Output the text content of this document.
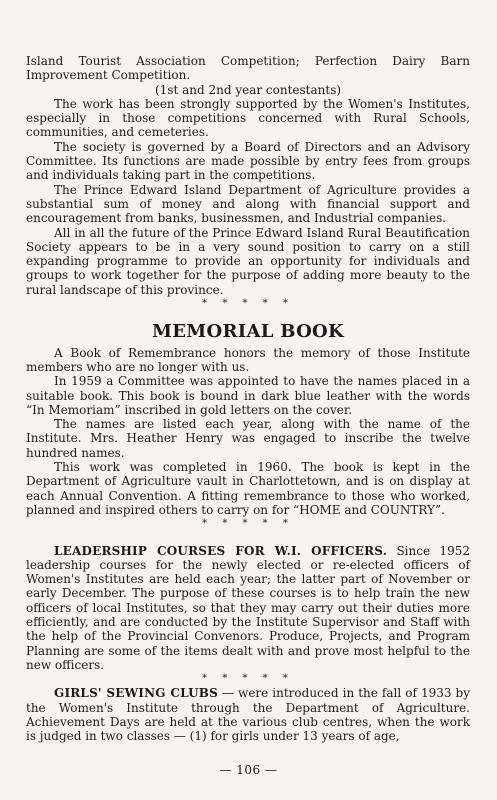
Island Tourist Association Competition; Perfection Dairy Barn Improvement Competition.

(1st and 2nd year contestants)

The work has been strongly supported by the Women's Institutes, especially in those competitions concerned with Rural Schools, communities, and cemeteries.

The society is governed by a Board of Directors and an Advisory Committee. Its functions are made possible by entry fees from groups and individuals taking part in the competitions.

The Prince Edward Island Department of Agriculture provides a substantial sum of money and along with financial support and encouragement from banks, businessmen, and Industrial companies.

All in all the future of the Prince Edward Island Rural Beautification Society appears to be in a very sound position to carry on a still expanding programme to provide an opportunity for individuals and groups to work together for the purpose of adding more beauty to the rural landscape of this province.

* * * * *

MEMORIAL BOOK

A Book of Remembrance honors the memory of those Institute members who are no longer with us.

In 1959 a Committee was appointed to have the names placed in a suitable book. This book is bound in dark blue leather with the words “In Memoriam” inscribed in gold letters on the cover.

The names are listed each year, along with the name of the Institute. Mrs. Heather Henry was engaged to inscribe the twelve hundred names.

This work was completed in 1960. The book is kept in the Department of Agriculture vault in Charlottetown, and is on display at each Annual Convention. A fitting remembrance to those who worked, planned and inspired others to carry on for “HOME and COUNTRY”.

* * * * *

LEADERSHIP COURSES FOR W.I. OFFICERS. Since 1952 leadership courses for the newly elected or re-elected officers of Women's Institutes are held each year; the latter part of November or early December. The purpose of these courses is to help train the new officers of local Institutes, so that they may carry out their duties more efficiently, and are conducted by the Institute Supervisor and Staff with the help of the Provincial Convenors. Produce, Projects, and Program Planning are some of the items dealt with and prove most helpful to the new officers.

* * * * *

GIRLS' SEWING CLUBS — were introduced in the fall of 1933 by the Women's Institute through the Department of Agriculture. Achievement Days are held at the various club centres, when the work is judged in two classes — (1) for girls under 13 years of age,

— 106 —
